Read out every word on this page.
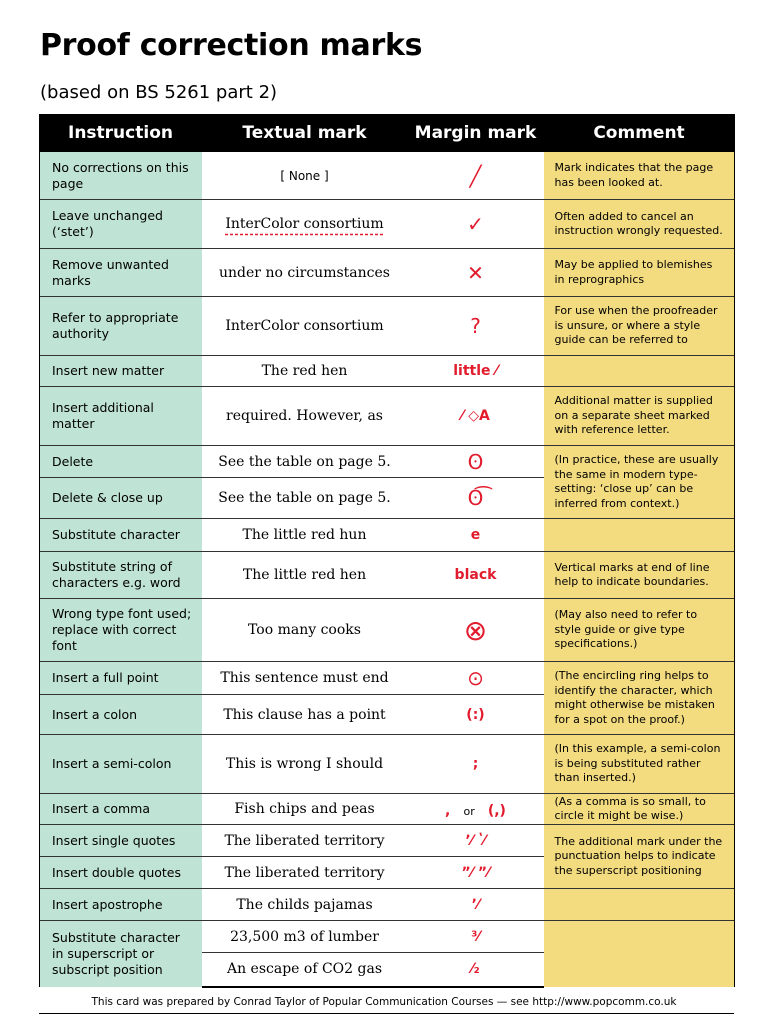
Proof correction marks

(based on BS 5261 part 2)

Instruction	Textual mark	Margin mark	Comment
No corrections on this page	[ None ]	╱	Mark indicates that the page has been looked at.
Leave unchanged (‘stet’)	InterColor consortium	✓	Often added to cancel an instruction wrongly requested.
Remove unwanted marks	under no circumstances	✕	May be applied to blemishes in reprographics
Refer to appropriate authority	InterColor consortium	?	For use when the proofreader is unsure, or where a style guide can be referred to
Insert new matter	The red hen	little ⁄	
Insert additional matter	required. However, as	⁄ ◇A	Additional matter is supplied on a separate sheet marked with reference letter.
Delete	See the table on page 5.	ʘ	(In practice, these are usually the same in modern type-setting: ‘close up’ can be inferred from context.)
Delete & close up	See the table on page 5.	ʘ͡	
Substitute character	The little red hun	e	
Substitute string of characters e.g. word	The little red hen	black	Vertical marks at end of line help to indicate boundaries.
Wrong type font used; replace with correct font	Too many cooks	⊗	(May also need to refer to style guide or give type specifications.)
Insert a full point	This sentence must end	⊙	(The encircling ring helps to identify the character, which might otherwise be mistaken for a spot on the proof.)
Insert a colon	This clause has a point	(:)	
Insert a semi-colon	This is wrong I should	;	(In this example, a semi-colon is being substituted rather than inserted.)
Insert a comma	Fish chips and peas	, or (,)	(As a comma is so small, to circle it might be wise.)
Insert single quotes	The liberated territory	ʼ⁄ ʽ⁄	The additional mark under the punctuation helps to indicate the superscript positioning
Insert double quotes	The liberated territory	ˮ⁄ ˮ⁄	
Insert apostrophe	The childs pajamas	ʼ⁄	
Substitute character in superscript or subscript position	23,500 m3 of lumber	³⁄	
	An escape of CO2 gas	⁄₂	
This card was prepared by Conrad Taylor of Popular Communication Courses — see http://www.popcomm.co.uk
